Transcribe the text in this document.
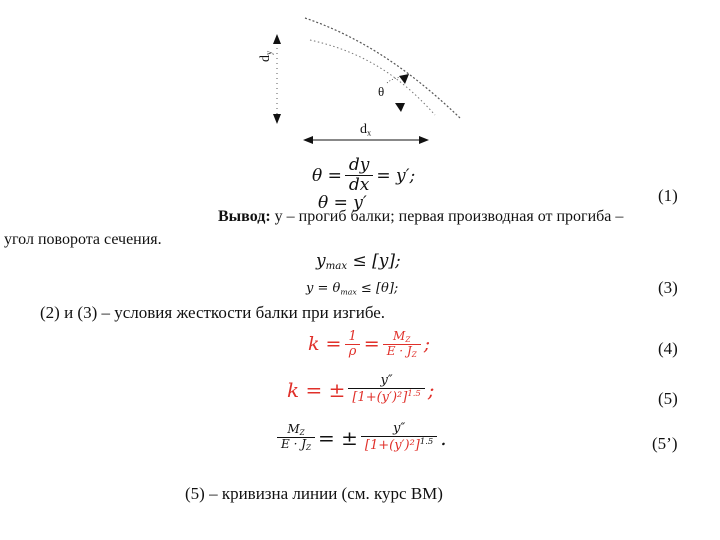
$d_y$
θ
$d_x$
$\theta = \frac{dy}{dx} = y'$;
θ = y′	(1)
Вывод: y – прогиб балки; первая производная от прогиба –
угол поворота сечения.
$y_{max} \le [y]$;
$y = \theta_{max} \le [\theta]$;	(3)
(2) и (3) – условия жесткости балки при изгибе.
$k = \frac{1}{\rho} = \frac{M_Z}{E \cdot J_Z}$ ;	(4)
k = ± $\frac{y''}{[1+(y')^2]^{1.5}}$ ;	(5)
$\frac{M_Z}{E \cdot J_Z}$ = ± $\frac{y''}{[1+(y')^2]^{1.5}}$ .	(5’)
(5) – кривизна линии (см. курс ВМ)
